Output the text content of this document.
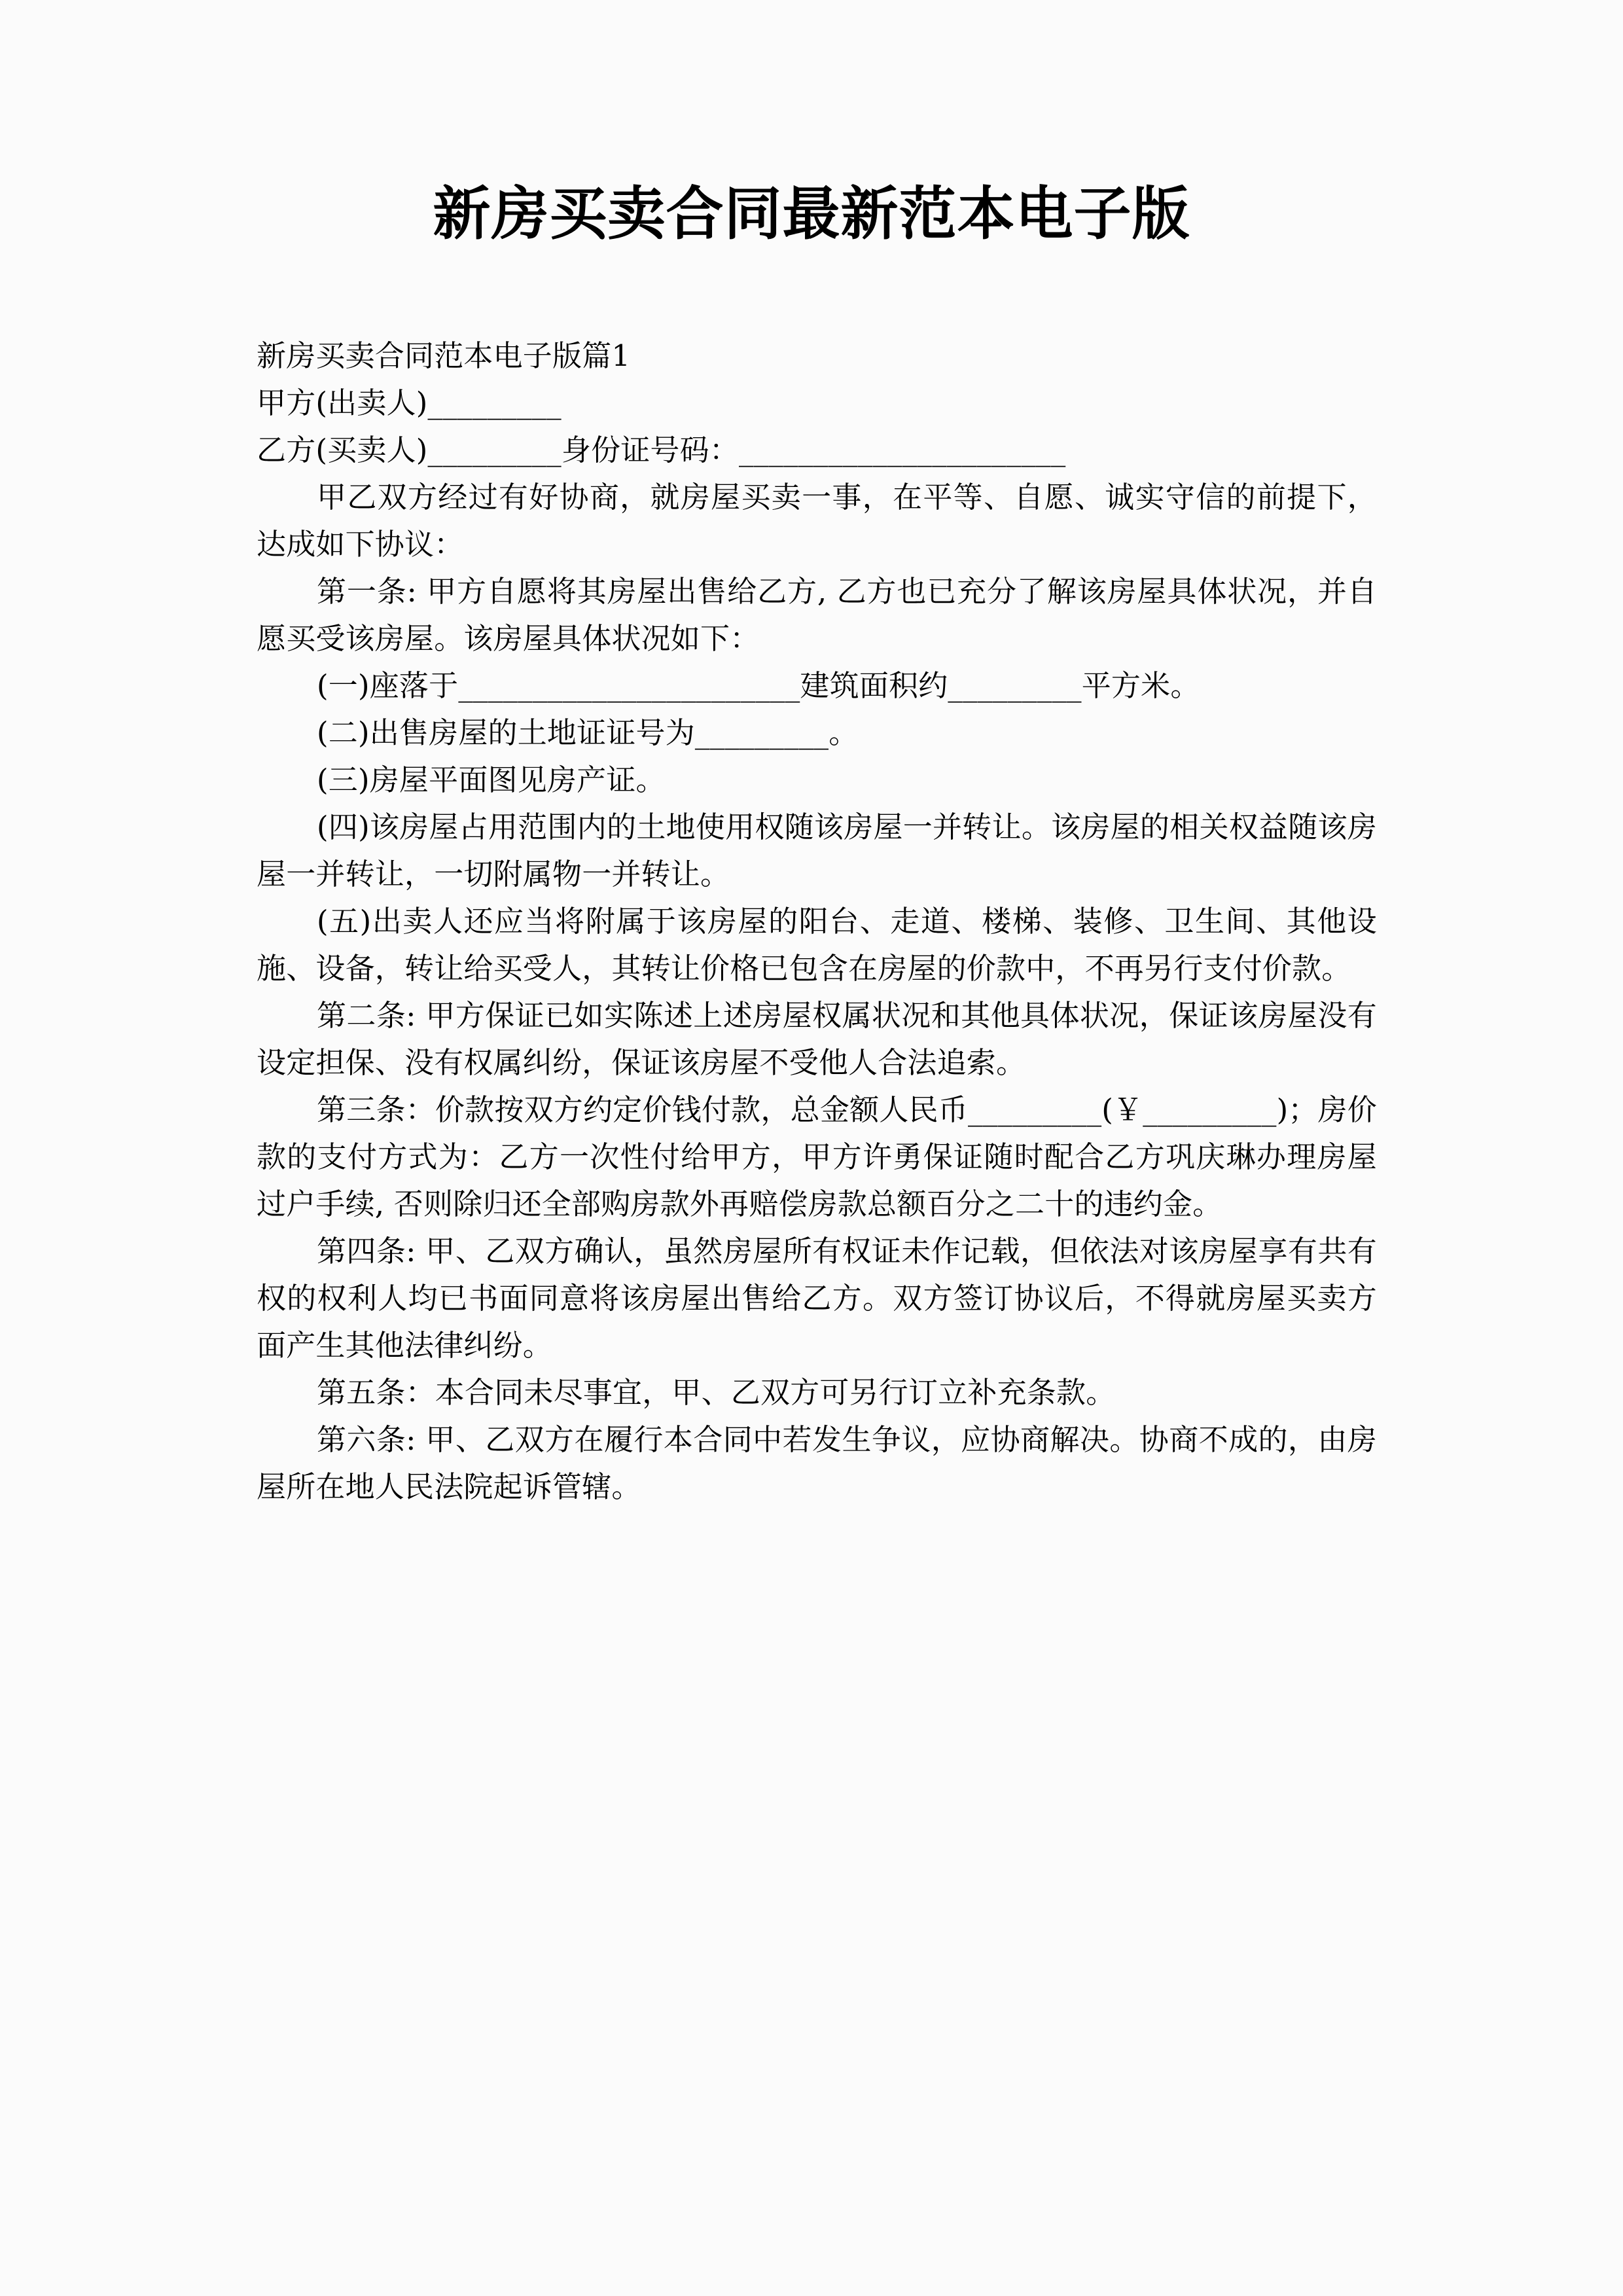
新房买卖合同最新范本电子版

新房买卖合同范本电子版篇1

甲方(出卖人)_________

乙方(买卖人)_________身份证号码：______________________

甲乙双方经过有好协商，就房屋买卖一事，在平等、自愿、诚实守信的前提下，达成如下协议：

第一条: 甲方自愿将其房屋出售给乙方, 乙方也已充分了解该房屋具体状况，并自愿买受该房屋。该房屋具体状况如下：

(一)座落于_______________________建筑面积约_________平方米。

(二)出售房屋的土地证证号为_________。

(三)房屋平面图见房产证。

(四)该房屋占用范围内的土地使用权随该房屋一并转让。该房屋的相关权益随该房屋一并转让，一切附属物一并转让。

(五)出卖人还应当将附属于该房屋的阳台、走道、楼梯、装修、卫生间、其他设施、设备，转让给买受人，其转让价格已包含在房屋的价款中，不再另行支付价款。

第二条: 甲方保证已如实陈述上述房屋权属状况和其他具体状况，保证该房屋没有设定担保、没有权属纠纷，保证该房屋不受他人合法追索。

第三条：价款按双方约定价钱付款，总金额人民币_________(￥_________)；房价款的支付方式为：乙方一次性付给甲方，甲方许勇保证随时配合乙方巩庆琳办理房屋过户手续, 否则除归还全部购房款外再赔偿房款总额百分之二十的违约金。

第四条: 甲、乙双方确认，虽然房屋所有权证未作记载，但依法对该房屋享有共有权的权利人均已书面同意将该房屋出售给乙方。双方签订协议后，不得就房屋买卖方面产生其他法律纠纷。

第五条：本合同未尽事宜，甲、乙双方可另行订立补充条款。

第六条: 甲、乙双方在履行本合同中若发生争议，应协商解决。协商不成的，由房屋所在地人民法院起诉管辖。
